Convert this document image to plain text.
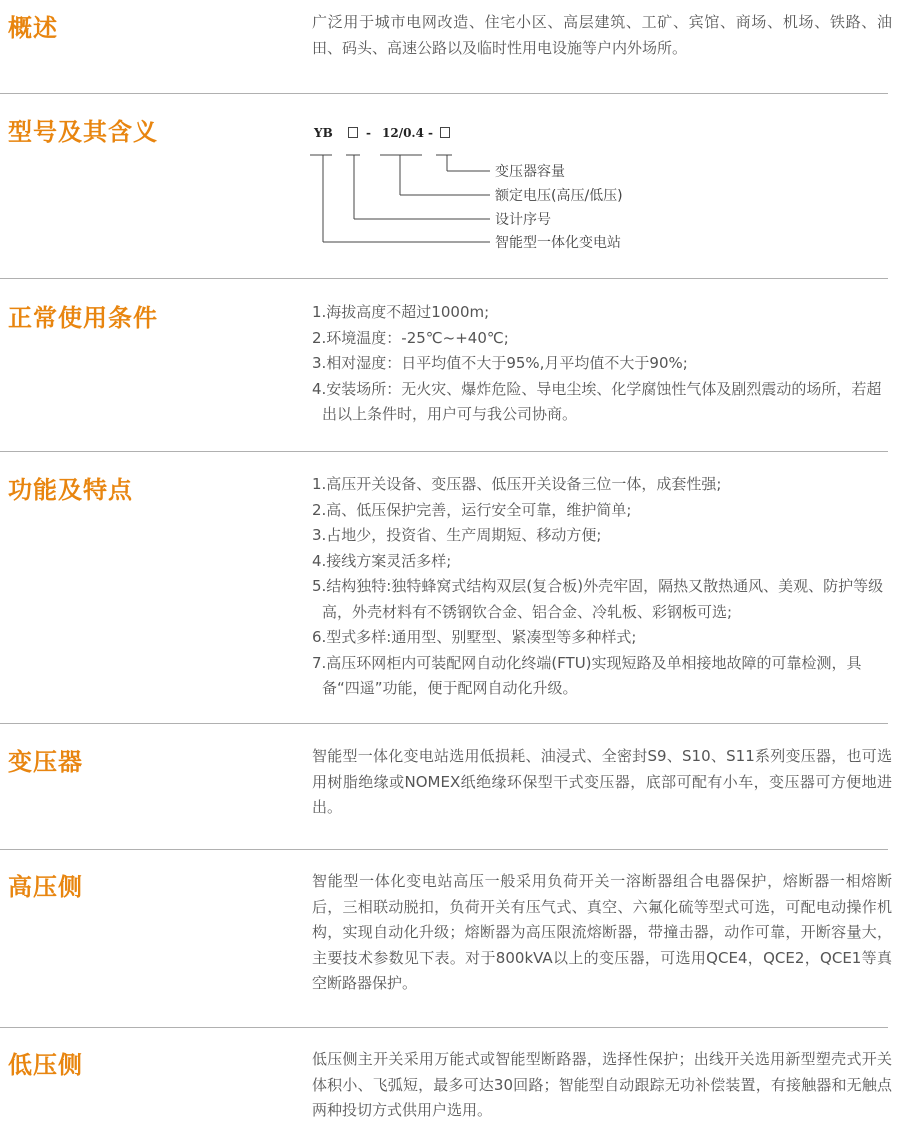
概述	广泛用于城市电网改造、住宅小区、高层建筑、工矿、宾馆、商场、机场、铁路、油田、码头、高速公路以及临时性用电设施等户内外场所。
型号及其含义	YB	- 12/0.4 -
变压器容量
额定电压(高压/低压)
设计序号
智能型一体化变电站
正常使用条件	1.海拔高度不超过1000m;
2.环境温度：-25℃~+40℃;
3.相对湿度：日平均值不大于95%,月平均值不大于90%;
4.安装场所：无火灾、爆炸危险、导电尘埃、化学腐蚀性气体及剧烈震动的场所，若超出以上条件时，用户可与我公司协商。
功能及特点	1.高压开关设备、变压器、低压开关设备三位一体，成套性强;
2.高、低压保护完善，运行安全可靠，维护简单;
3.占地少，投资省、生产周期短、移动方便;
4.接线方案灵活多样;
5.结构独特:独特蜂窝式结构双层(复合板)外壳牢固，隔热又散热通风、美观、防护等级高，外壳材料有不锈钢钦合金、铝合金、冷轧板、彩钢板可选;
6.型式多样:通用型、别墅型、紧凑型等多种样式;
7.高压环网柜内可装配网自动化终端(FTU)实现短路及单相接地故障的可靠检测，具备“四遥”功能，便于配网自动化升级。
变压器	智能型一体化变电站选用低损耗、油浸式、全密封S9、S10、S11系列变压器，也可选用树脂绝缘或NOMEX纸绝缘环保型干式变压器，底部可配有小车，变压器可方便地进出。
高压侧	智能型一体化变电站高压一般采用负荷开关一溶断器组合电器保护，熔断器一相熔断后，三相联动脱扣，负荷开关有压气式、真空、六氟化硫等型式可选，可配电动操作机构，实现自动化升级；熔断器为高压限流熔断器，带撞击器，动作可靠，开断容量大，主要技术参数见下表。对于800kVA以上的变压器，可选用QCE4，QCE2，QCE1等真空断路器保护。
低压侧	低压侧主开关采用万能式或智能型断路器，选择性保护；出线开关选用新型塑壳式开关体积小、飞弧短，最多可达30回路；智能型自动跟踪无功补偿装置，有接触器和无触点两种投切方式供用户选用。
